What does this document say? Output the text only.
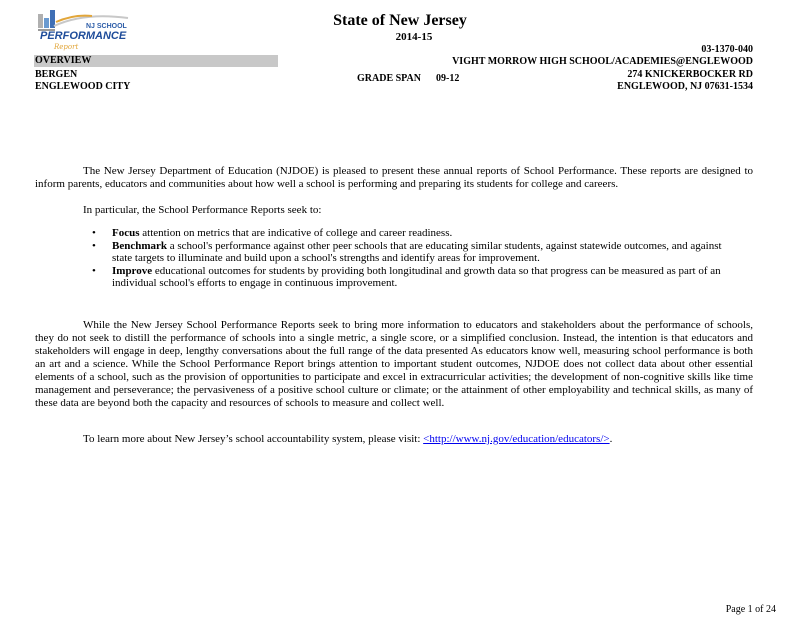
NJ SCHOOL
PERFORMANCE
Report
State of New Jersey
2014-15
OVERVIEW
BERGEN
ENGLEWOOD CITY
GRADE SPAN 09-12
03-1370-040
VIGHT MORROW HIGH SCHOOL/ACADEMIES@ENGLEWOOD
274 KNICKERBOCKER RD
ENGLEWOOD, NJ 07631-1534
The New Jersey Department of Education (NJDOE) is pleased to present these annual reports of School Performance. These reports are designed to inform parents, educators and communities about how well a school is performing and preparing its students for college and careers.
In particular, the School Performance Reports seek to:
• Focus attention on metrics that are indicative of college and career readiness.
• Benchmark a school's performance against other peer schools that are educating similar students, against statewide outcomes, and against state targets to illuminate and build upon a school's strengths and identify areas for improvement.
• Improve educational outcomes for students by providing both longitudinal and growth data so that progress can be measured as part of an individual school's efforts to engage in continuous improvement.
While the New Jersey School Performance Reports seek to bring more information to educators and stakeholders about the performance of schools, they do not seek to distill the performance of schools into a single metric, a single score, or a simplified conclusion. Instead, the intention is that educators and stakeholders will engage in deep, lengthy conversations about the full range of the data presented As educators know well, measuring school performance is both an art and a science. While the School Performance Report brings attention to important student outcomes, NJDOE does not collect data about other essential elements of a school, such as the provision of opportunities to participate and excel in extracurricular activities; the development of non-cognitive skills like time management and perseverance; the pervasiveness of a positive school culture or climate; or the attainment of other employability and technical skills, as many of these data are beyond both the capacity and resources of schools to measure and collect well.
To learn more about New Jersey’s school accountability system, please visit: <http://www.nj.gov/education/educators/>.
Page 1 of 24
